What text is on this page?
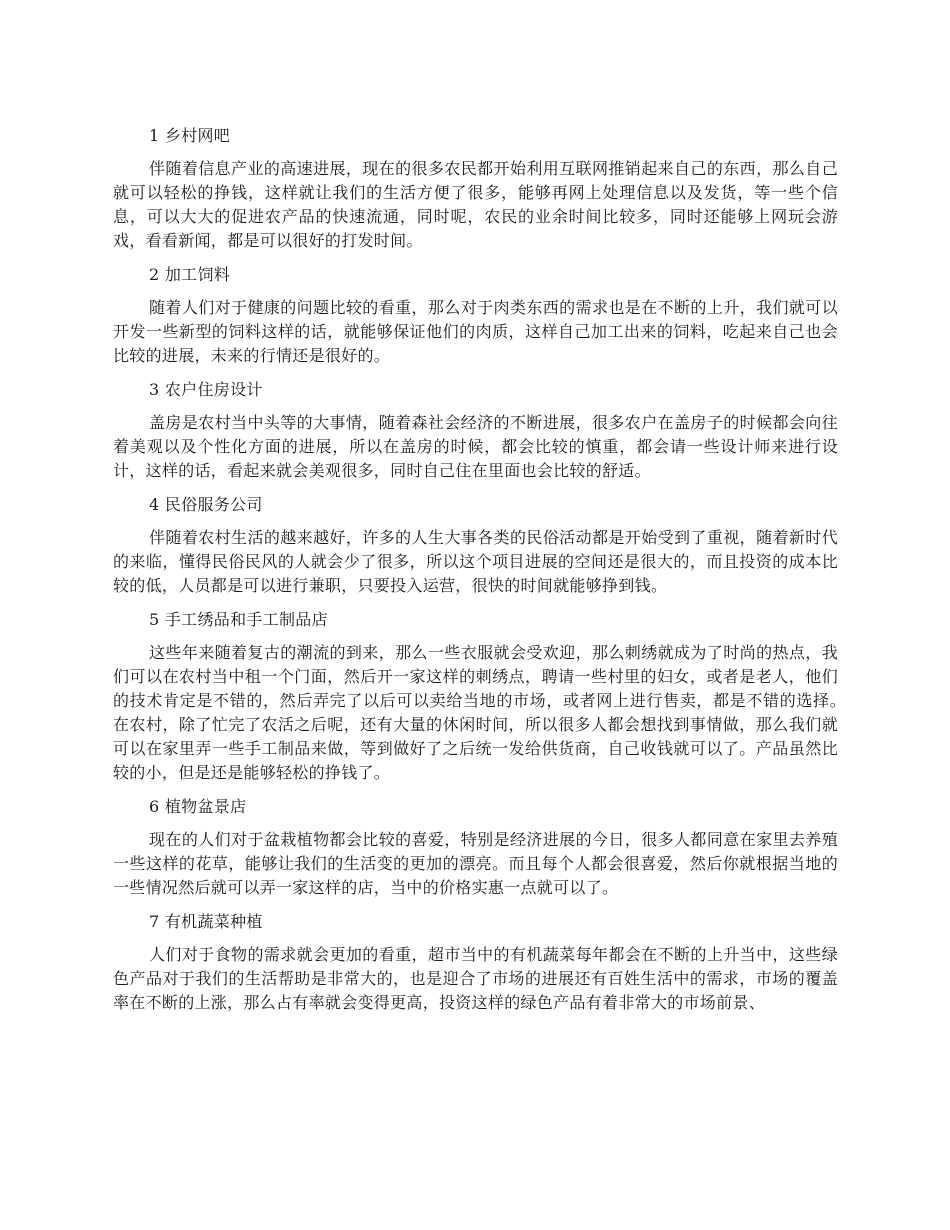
1 乡村网吧

伴随着信息产业的高速进展，现在的很多农民都开始利用互联网推销起来自己的东西，那么自己就可以轻松的挣钱，这样就让我们的生活方便了很多，能够再网上处理信息以及发货，等一些个信息，可以大大的促进农产品的快速流通，同时呢，农民的业余时间比较多，同时还能够上网玩会游戏，看看新闻，都是可以很好的打发时间。

2 加工饲料

随着人们对于健康的问题比较的看重，那么对于肉类东西的需求也是在不断的上升，我们就可以开发一些新型的饲料这样的话，就能够保证他们的肉质，这样自己加工出来的饲料，吃起来自己也会比较的进展，未来的行情还是很好的。

3 农户住房设计

盖房是农村当中头等的大事情，随着森社会经济的不断进展，很多农户在盖房子的时候都会向往着美观以及个性化方面的进展，所以在盖房的时候，都会比较的慎重，都会请一些设计师来进行设计，这样的话，看起来就会美观很多，同时自己住在里面也会比较的舒适。

4 民俗服务公司

伴随着农村生活的越来越好，许多的人生大事各类的民俗活动都是开始受到了重视，随着新时代的来临，懂得民俗民风的人就会少了很多，所以这个项目进展的空间还是很大的，而且投资的成本比较的低，人员都是可以进行兼职，只要投入运营，很快的时间就能够挣到钱。

5 手工绣品和手工制品店

这些年来随着复古的潮流的到来，那么一些衣服就会受欢迎，那么刺绣就成为了时尚的热点，我们可以在农村当中租一个门面，然后开一家这样的刺绣点，聘请一些村里的妇女，或者是老人，他们的技术肯定是不错的，然后弄完了以后可以卖给当地的市场，或者网上进行售卖，都是不错的选择。　在农村，除了忙完了农活之后呢，还有大量的休闲时间，所以很多人都会想找到事情做，那么我们就可以在家里弄一些手工制品来做，等到做好了之后统一发给供货商，自己收钱就可以了。产品虽然比较的小，但是还是能够轻松的挣钱了。

6 植物盆景店

现在的人们对于盆栽植物都会比较的喜爱，特别是经济进展的今日，很多人都同意在家里去养殖一些这样的花草，能够让我们的生活变的更加的漂亮。而且每个人都会很喜爱，然后你就根据当地的一些情况然后就可以弄一家这样的店，当中的价格实惠一点就可以了。

7 有机蔬菜种植

人们对于食物的需求就会更加的看重，超市当中的有机蔬菜每年都会在不断的上升当中，这些绿色产品对于我们的生活帮助是非常大的，也是迎合了市场的进展还有百姓生活中的需求，市场的覆盖率在不断的上涨，那么占有率就会变得更高，投资这样的绿色产品有着非常大的市场前景、
